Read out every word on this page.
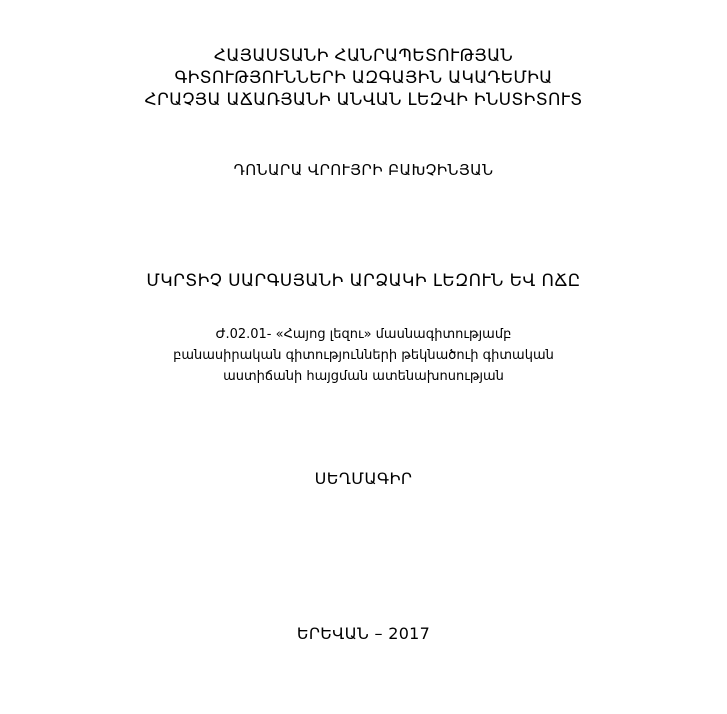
ՀԱՅԱՍՏԱՆԻ ՀԱՆՐԱՊԵՏՈՒԹՅԱՆ
ԳԻՏՈՒԹՅՈՒՆՆԵՐԻ ԱԶԳԱՅԻՆ ԱԿԱԴԵՄԻԱ
ՀՐԱՉՅԱ ԱՃԱՌՅԱՆԻ ԱՆՎԱՆ ԼԵԶՎԻ ԻՆՍՏԻՏՈՒՏ
ԴՈՆԱՐԱ ՎՐՈՒՅՐԻ ԲԱԽՉԻՆՅԱՆ
ՄԿՐՏԻՉ ՍԱՐԳՍՅԱՆԻ ԱՐՁԱԿԻ ԼԵԶՈՒՆ ԵՎ ՈՃԸ
Ժ.02.01- «Հայոց լեզու» մասնագիտությամբ
բանասիրական գիտությունների թեկնածուի գիտական
աստիճանի հայցման ատենախոսության
ՍԵՂՄԱԳԻՐ
ԵՐԵՎԱՆ – 2017
